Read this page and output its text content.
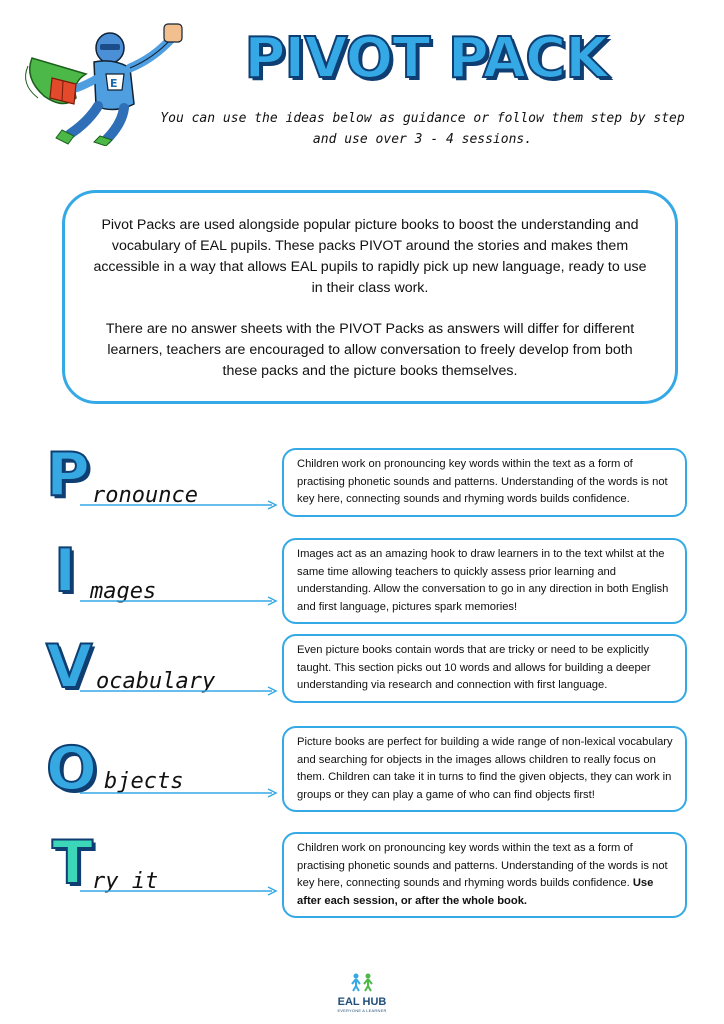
E PIVOT PACK
You can use the ideas below as guidance or follow them step by step and use over 3 - 4 sessions.

Pivot Packs are used alongside popular picture books to boost the understanding and vocabulary of EAL pupils. These packs PIVOT around the stories and makes them accessible in a way that allows EAL pupils to rapidly pick up new language, ready to use in their class work.

There are no answer sheets with the PIVOT Packs as answers will differ for different learners, teachers are encouraged to allow conversation to freely develop from both these packs and the picture books themselves.

P ronounce
Children work on pronouncing key words within the text as a form of practising phonetic sounds and patterns. Understanding of the words is not key here, connecting sounds and rhyming words builds confidence.
I mages
Images act as an amazing hook to draw learners in to the text whilst at the same time allowing teachers to quickly assess prior learning and understanding. Allow the conversation to go in any direction in both English and first language, pictures spark memories!
V ocabulary
Even picture books contain words that are tricky or need to be explicitly taught. This section picks out 10 words and allows for building a deeper understanding via research and connection with first language.
O bjects
Picture books are perfect for building a wide range of non-lexical vocabulary and searching for objects in the images allows children to really focus on them. Children can take it in turns to find the given objects, they can work in groups or they can play a game of who can find objects first!
T ry it
Children work on pronouncing key words within the text as a form of practising phonetic sounds and patterns. Understanding of the words is not key here, connecting sounds and rhyming words builds confidence. Use after each session, or after the whole book.
EAL HUB
EVERYONE A LEARNER
